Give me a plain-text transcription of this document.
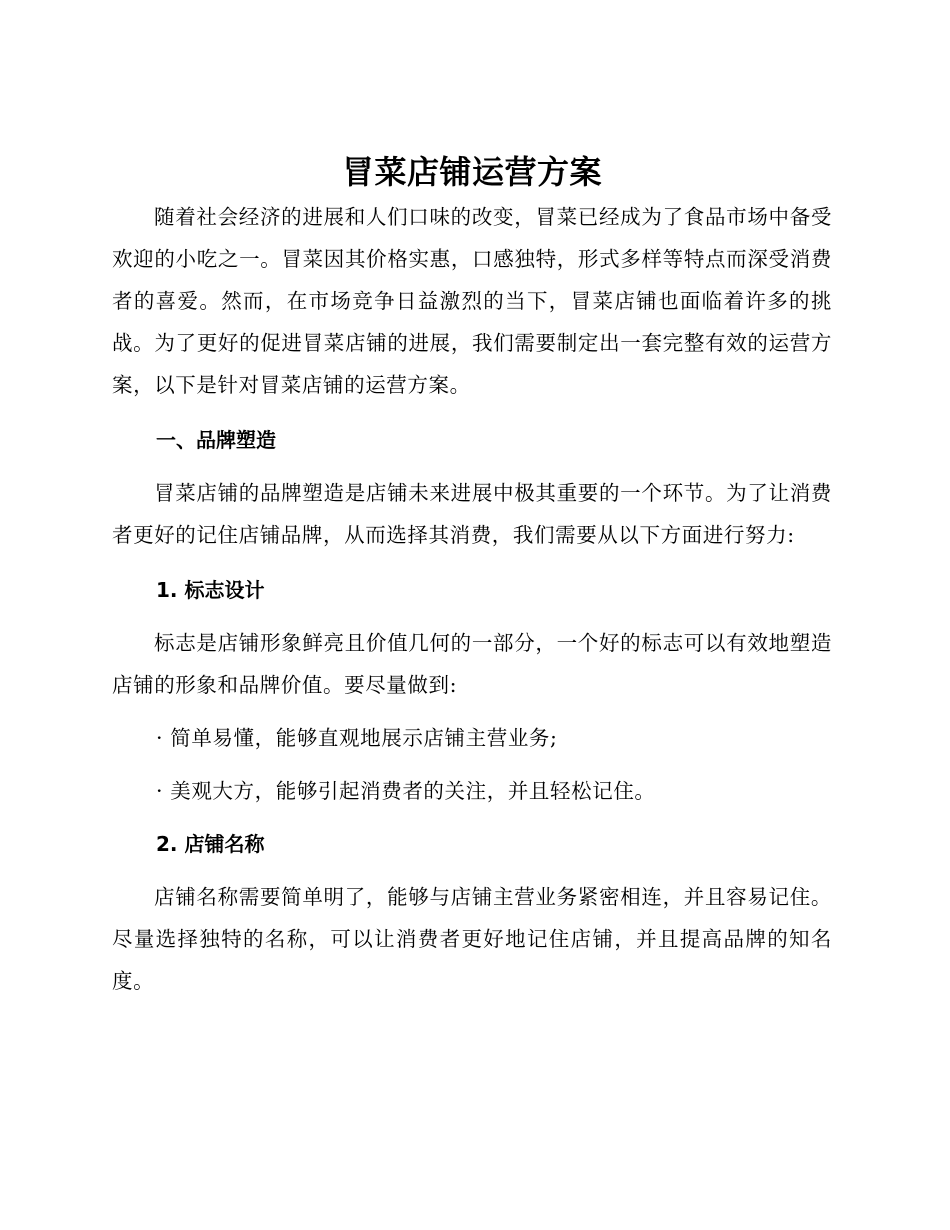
冒菜店铺运营方案

随着社会经济的进展和人们口味的改变，冒菜已经成为了食品市场中备受欢迎的小吃之一。冒菜因其价格实惠，口感独特，形式多样等特点而深受消费者的喜爱。然而，在市场竞争日益激烈的当下，冒菜店铺也面临着许多的挑战。为了更好的促进冒菜店铺的进展，我们需要制定出一套完整有效的运营方案，以下是针对冒菜店铺的运营方案。

一、品牌塑造

冒菜店铺的品牌塑造是店铺未来进展中极其重要的一个环节。为了让消费者更好的记住店铺品牌，从而选择其消费，我们需要从以下方面进行努力:

1. 标志设计

标志是店铺形象鲜亮且价值几何的一部分，一个好的标志可以有效地塑造店铺的形象和品牌价值。要尽量做到:

· 简单易懂，能够直观地展示店铺主营业务;

· 美观大方，能够引起消费者的关注，并且轻松记住。

2. 店铺名称

店铺名称需要简单明了，能够与店铺主营业务紧密相连，并且容易记住。尽量选择独特的名称，可以让消费者更好地记住店铺，并且提高品牌的知名度。
